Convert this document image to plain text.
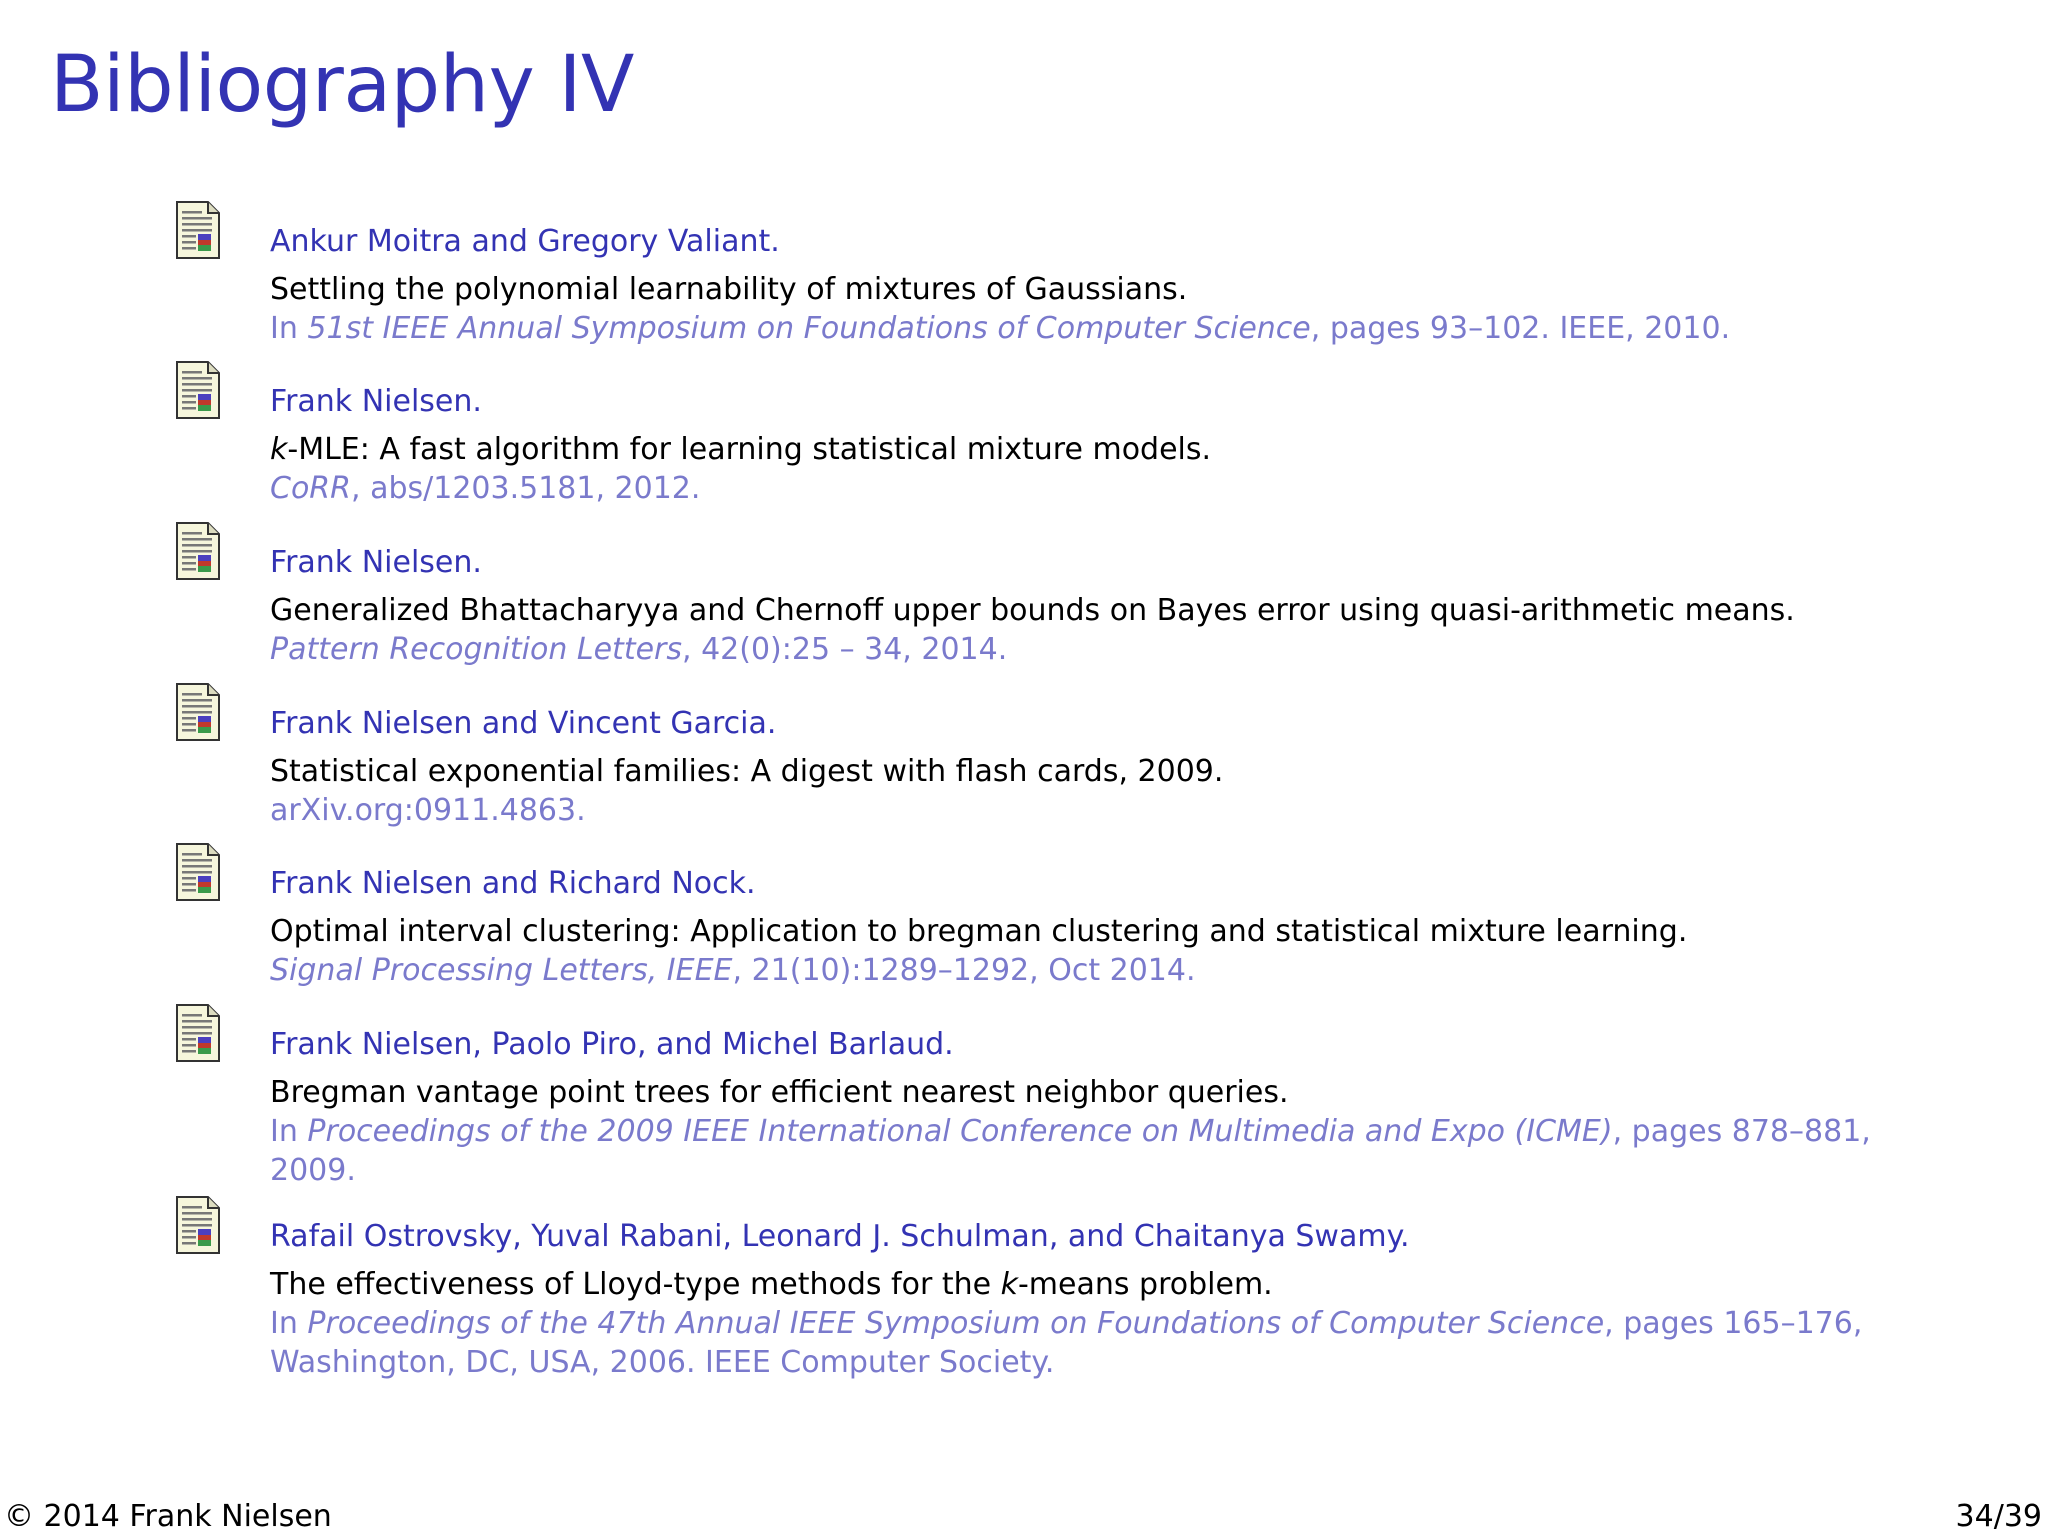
Bibliography IV
Ankur Moitra and Gregory Valiant.
Settling the polynomial learnability of mixtures of Gaussians.
In 51st IEEE Annual Symposium on Foundations of Computer Science, pages 93–102. IEEE, 2010.
Frank Nielsen.
k-MLE: A fast algorithm for learning statistical mixture models.
CoRR, abs/1203.5181, 2012.
Frank Nielsen.
Generalized Bhattacharyya and Chernoff upper bounds on Bayes error using quasi-arithmetic means.
Pattern Recognition Letters, 42(0):25 – 34, 2014.
Frank Nielsen and Vincent Garcia.
Statistical exponential families: A digest with flash cards, 2009.
arXiv.org:0911.4863.
Frank Nielsen and Richard Nock.
Optimal interval clustering: Application to bregman clustering and statistical mixture learning.
Signal Processing Letters, IEEE, 21(10):1289–1292, Oct 2014.
Frank Nielsen, Paolo Piro, and Michel Barlaud.
Bregman vantage point trees for efficient nearest neighbor queries.
In Proceedings of the 2009 IEEE International Conference on Multimedia and Expo (ICME), pages 878–881,
2009.
Rafail Ostrovsky, Yuval Rabani, Leonard J. Schulman, and Chaitanya Swamy.
The effectiveness of Lloyd-type methods for the k-means problem.
In Proceedings of the 47th Annual IEEE Symposium on Foundations of Computer Science, pages 165–176,
Washington, DC, USA, 2006. IEEE Computer Society.
© 2014 Frank Nielsen	34/39
